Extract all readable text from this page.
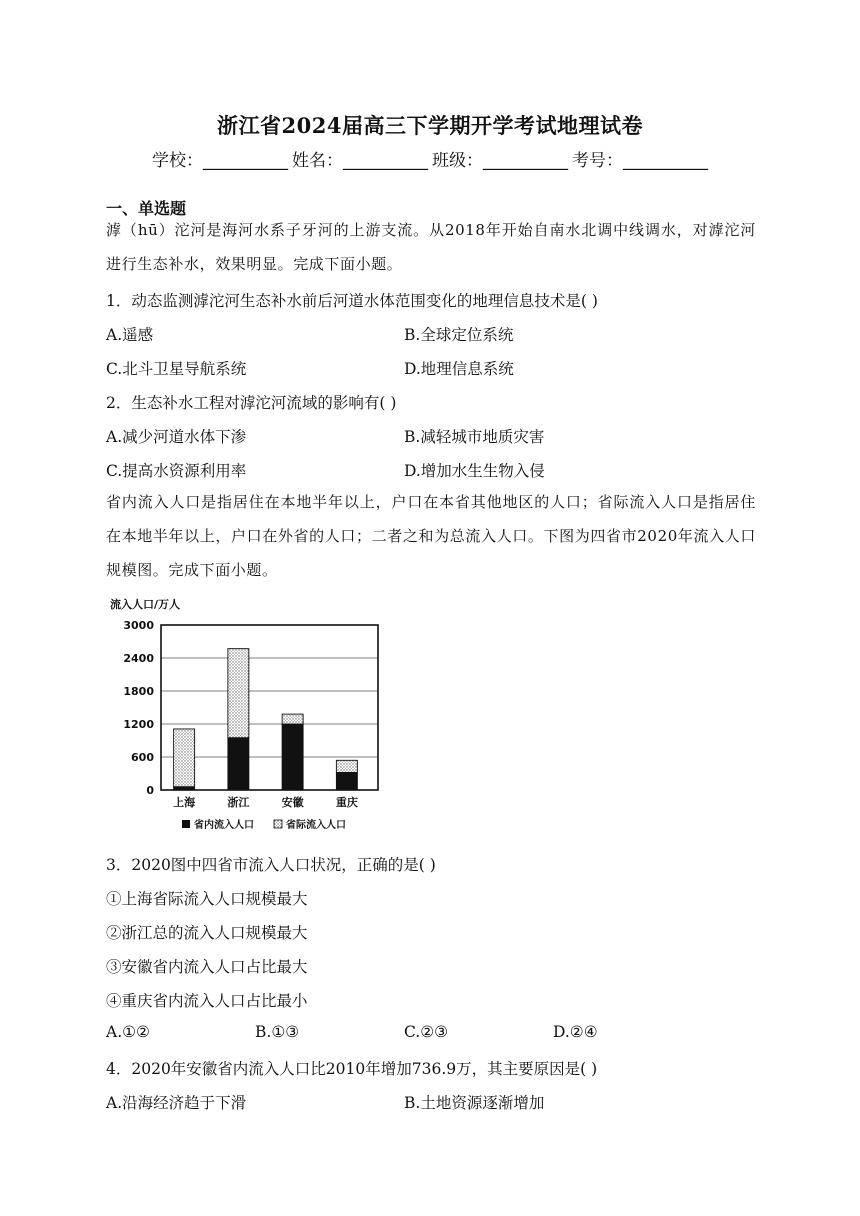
浙江省2024届高三下学期开学考试地理试卷
学校：__________ 姓名：__________ 班级：__________ 考号：__________
一、单选题
滹（hū）沱河是海河水系子牙河的上游支流。从2018年开始自南水北调中线调水，对滹沱河进行生态补水，效果明显。完成下面小题。
1．动态监测滹沱河生态补水前后河道水体范围变化的地理信息技术是( )
A.遥感	B.全球定位系统
C.北斗卫星导航系统	D.地理信息系统
2．生态补水工程对滹沱河流域的影响有( )
A.减少河道水体下渗	B.减轻城市地质灾害
C.提高水资源利用率	D.增加水生生物入侵
省内流入人口是指居住在本地半年以上，户口在本省其他地区的人口；省际流入人口是指居住在本地半年以上，户口在外省的人口；二者之和为总流入人口。下图为四省市2020年流入人口规模图。完成下面小题。
流入人口/万人
0
600
1200
1800
2400
3000
上海	浙江	安徽	重庆
省内流入人口	省际流入人口
3．2020图中四省市流入人口状况，正确的是( )
①上海省际流入人口规模最大
②浙江总的流入人口规模最大
③安徽省内流入人口占比最大
④重庆省内流入人口占比最小
A.①②	B.①③	C.②③	D.②④
4．2020年安徽省内流入人口比2010年增加736.9万，其主要原因是( )
A.沿海经济趋于下滑	B.土地资源逐渐增加
